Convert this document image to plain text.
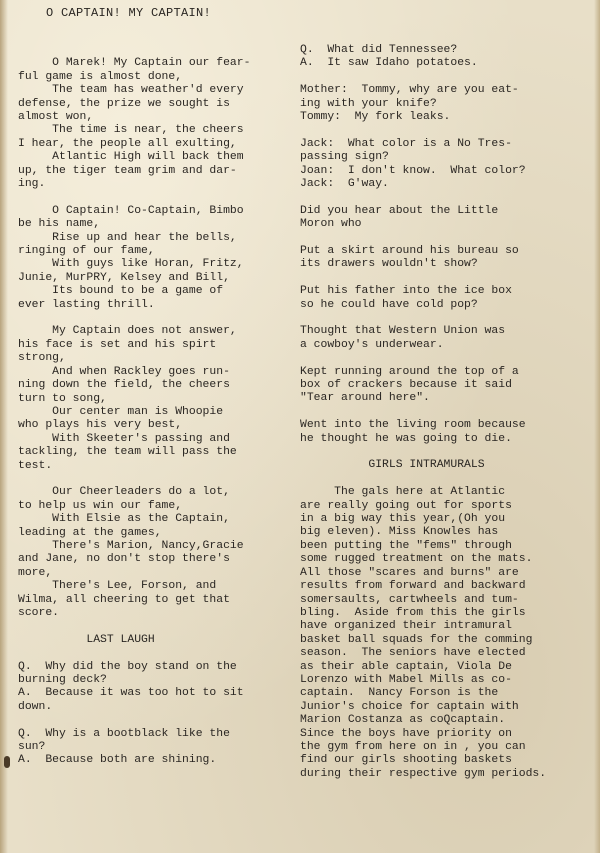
O CAPTAIN! MY CAPTAIN!
O Marek! My Captain our fear-
ful game is almost done,
The team has weather'd every
defense, the prize we sought is
almost won,
The time is near, the cheers
I hear, the people all exulting,
Atlantic High will back them
up, the tiger team grim and dar-
ing.
O Captain! Co-Captain, Bimbo
be his name,
Rise up and hear the bells,
ringing of our fame,
With guys like Horan, Fritz,
Junie, MurPRY, Kelsey and Bill,
Its bound to be a game of
ever lasting thrill.
My Captain does not answer,
his face is set and his spirt
strong,
And when Rackley goes run-
ning down the field, the cheers
turn to song,
Our center man is Whoopie
who plays his very best,
With Skeeter's passing and
tackling, the team will pass the
test.
Our Cheerleaders do a lot,
to help us win our fame,
With Elsie as the Captain,
leading at the games,
There's Marion, Nancy,Gracie
and Jane, no don't stop there's
more,
There's Lee, Forson, and
Wilma, all cheering to get that
score.
LAST LAUGH
Q.  Why did the boy stand on the
burning deck?
A.  Because it was too hot to sit
down.
Q.  Why is a bootblack like the
sun?
A.  Because both are shining.
Q.  What did Tennessee?
A.  It saw Idaho potatoes.
Mother:  Tommy, why are you eat-
ing with your knife?
Tommy:  My fork leaks.
Jack:  What color is a No Tres-
passing sign?
Joan:  I don't know.  What color?
Jack:  G'way.
Did you hear about the Little
Moron who
Put a skirt around his bureau so
its drawers wouldn't show?
Put his father into the ice box
so he could have cold pop?
Thought that Western Union was
a cowboy's underwear.
Kept running around the top of a
box of crackers because it said
"Tear around here".
Went into the living room because
he thought he was going to die.
GIRLS INTRAMURALS
The gals here at Atlantic
are really going out for sports
in a big way this year,(Oh you
big eleven). Miss Knowles has
been putting the "fems" through
some rugged treatment on the mats.
All those "scares and burns" are
results from forward and backward
somersaults, cartwheels and tum-
bling.  Aside from this the girls
have organized their intramural
basket ball squads for the comming
season.  The seniors have elected
as their able captain, Viola De
Lorenzo with Mabel Mills as co-
captain.  Nancy Forson is the
Junior's choice for captain with
Marion Costanza as coQcaptain.
Since the boys have priority on
the gym from here on in , you can
find our girls shooting baskets
during their respective gym periods.
